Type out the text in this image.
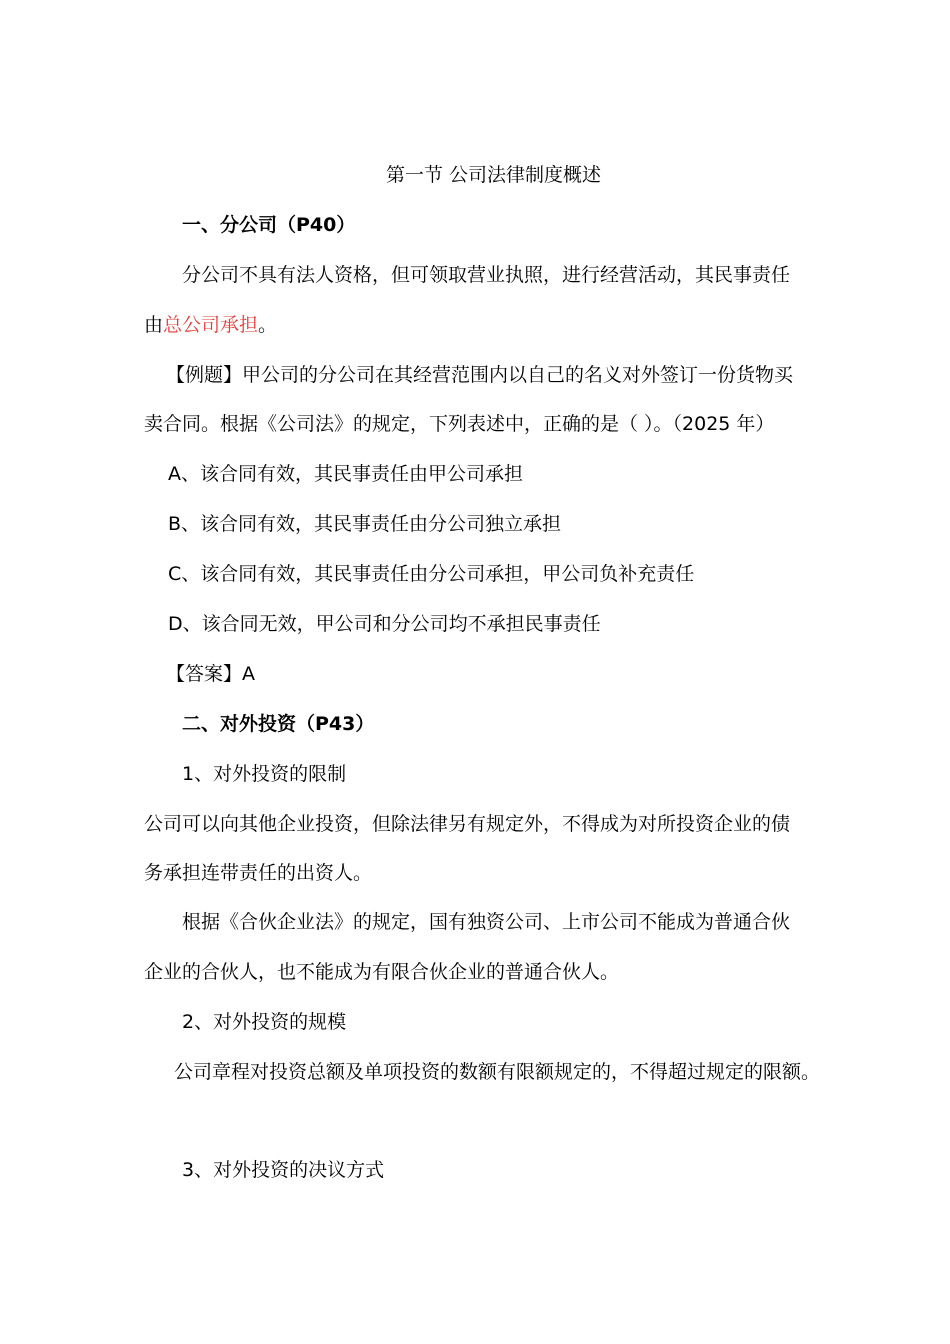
第一节 公司法律制度概述
一、分公司（P40）
分公司不具有法人资格，但可领取营业执照，进行经营活动，其民事责任
由总公司承担。
【例题】甲公司的分公司在其经营范围内以自己的名义对外签订一份货物买
卖合同。根据《公司法》的规定，下列表述中，正确的是（ ）。（2025 年）
A、该合同有效，其民事责任由甲公司承担
B、该合同有效，其民事责任由分公司独立承担
C、该合同有效，其民事责任由分公司承担，甲公司负补充责任
D、该合同无效，甲公司和分公司均不承担民事责任
【答案】A
二、对外投资（P43）
1、对外投资的限制
公司可以向其他企业投资，但除法律另有规定外，不得成为对所投资企业的债
务承担连带责任的出资人。
根据《合伙企业法》的规定，国有独资公司、上市公司不能成为普通合伙
企业的合伙人，也不能成为有限合伙企业的普通合伙人。
2、对外投资的规模
公司章程对投资总额及单项投资的数额有限额规定的，不得超过规定的限额。
3、对外投资的决议方式
